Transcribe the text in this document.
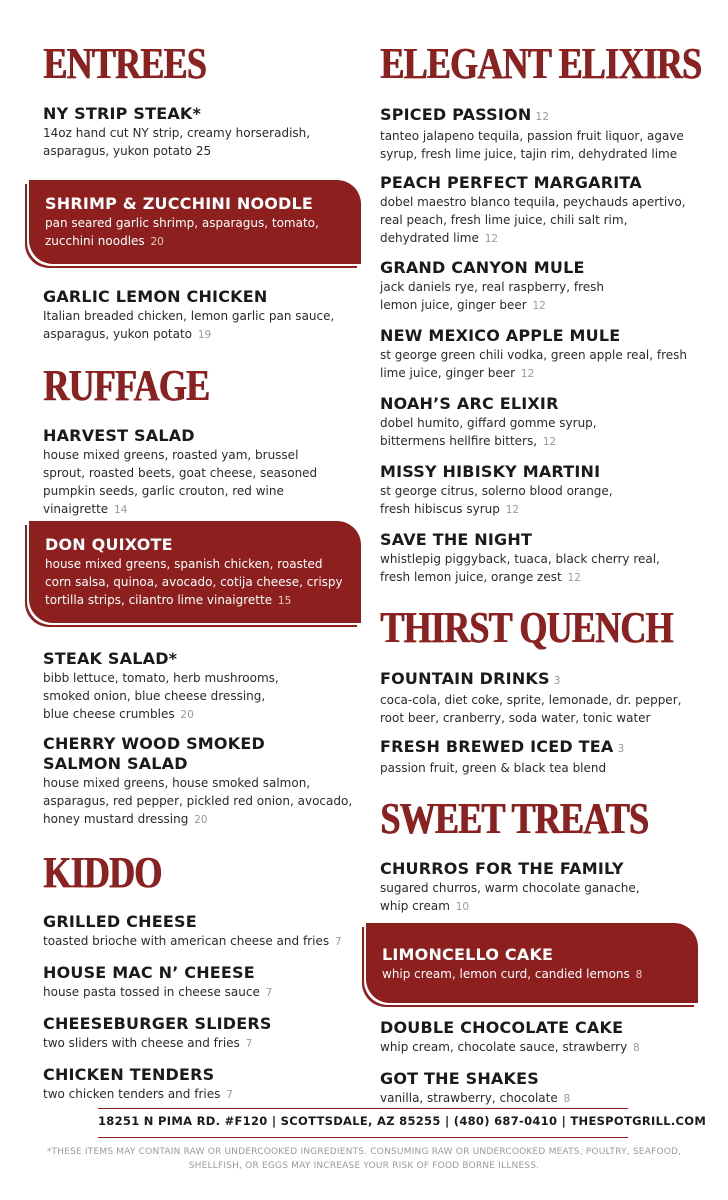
ENTREES
NY STRIP STEAK*
14oz hand cut NY strip, creamy horseradish, asparagus, yukon potato 25
SHRIMP & ZUCCHINI NOODLE
pan seared garlic shrimp, asparagus, tomato, zucchini noodles 20
GARLIC LEMON CHICKEN
Italian breaded chicken, lemon garlic pan sauce, asparagus, yukon potato 19
RUFFAGE
HARVEST SALAD
house mixed greens, roasted yam, brussel sprout, roasted beets, goat cheese, seasoned pumpkin seeds, garlic crouton, red wine vinaigrette 14
DON QUIXOTE
house mixed greens, spanish chicken, roasted corn salsa, quinoa, avocado, cotija cheese, crispy tortilla strips, cilantro lime vinaigrette 15
STEAK SALAD*
bibb lettuce, tomato, herb mushrooms, smoked onion, blue cheese dressing, blue cheese crumbles 20
CHERRY WOOD SMOKED
SALMON SALAD
house mixed greens, house smoked salmon, asparagus, red pepper, pickled red onion, avocado, honey mustard dressing 20
KIDDO
GRILLED CHEESE
toasted brioche with american cheese and fries 7
HOUSE MAC N’ CHEESE
house pasta tossed in cheese sauce 7
CHEESEBURGER SLIDERS
two sliders with cheese and fries 7
CHICKEN TENDERS
two chicken tenders and fries 7
ELEGANT ELIXIRS
SPICED PASSION 12
tanteo jalapeno tequila, passion fruit liquor, agave syrup, fresh lime juice, tajin rim, dehydrated lime
PEACH PERFECT MARGARITA
dobel maestro blanco tequila, peychauds apertivo, real peach, fresh lime juice, chili salt rim, dehydrated lime 12
GRAND CANYON MULE
jack daniels rye, real raspberry, fresh lemon juice, ginger beer 12
NEW MEXICO APPLE MULE
st george green chili vodka, green apple real, fresh lime juice, ginger beer 12
NOAH’S ARC ELIXIR
dobel humito, giffard gomme syrup, bittermens hellfire bitters, 12
MISSY HIBISKY MARTINI
st george citrus, solerno blood orange, fresh hibiscus syrup 12
SAVE THE NIGHT
whistlepig piggyback, tuaca, black cherry real, fresh lemon juice, orange zest 12
THIRST QUENCH
FOUNTAIN DRINKS 3
coca-cola, diet coke, sprite, lemonade, dr. pepper, root beer, cranberry, soda water, tonic water
FRESH BREWED ICED TEA 3
passion fruit, green & black tea blend
SWEET TREATS
CHURROS FOR THE FAMILY
sugared churros, warm chocolate ganache, whip cream 10
LIMONCELLO CAKE
whip cream, lemon curd, candied lemons 8
DOUBLE CHOCOLATE CAKE
whip cream, chocolate sauce, strawberry 8
GOT THE SHAKES
vanilla, strawberry, chocolate 8
18251 N PIMA RD. #F120 | SCOTTSDALE, AZ 85255 | (480) 687-0410 | THESPOTGRILL.COM
*THESE ITEMS MAY CONTAIN RAW OR UNDERCOOKED INGREDIENTS. CONSUMING RAW OR UNDERCOOKED MEATS, POULTRY, SEAFOOD, SHELLFISH, OR EGGS MAY INCREASE YOUR RISK OF FOOD BORNE ILLNESS.
